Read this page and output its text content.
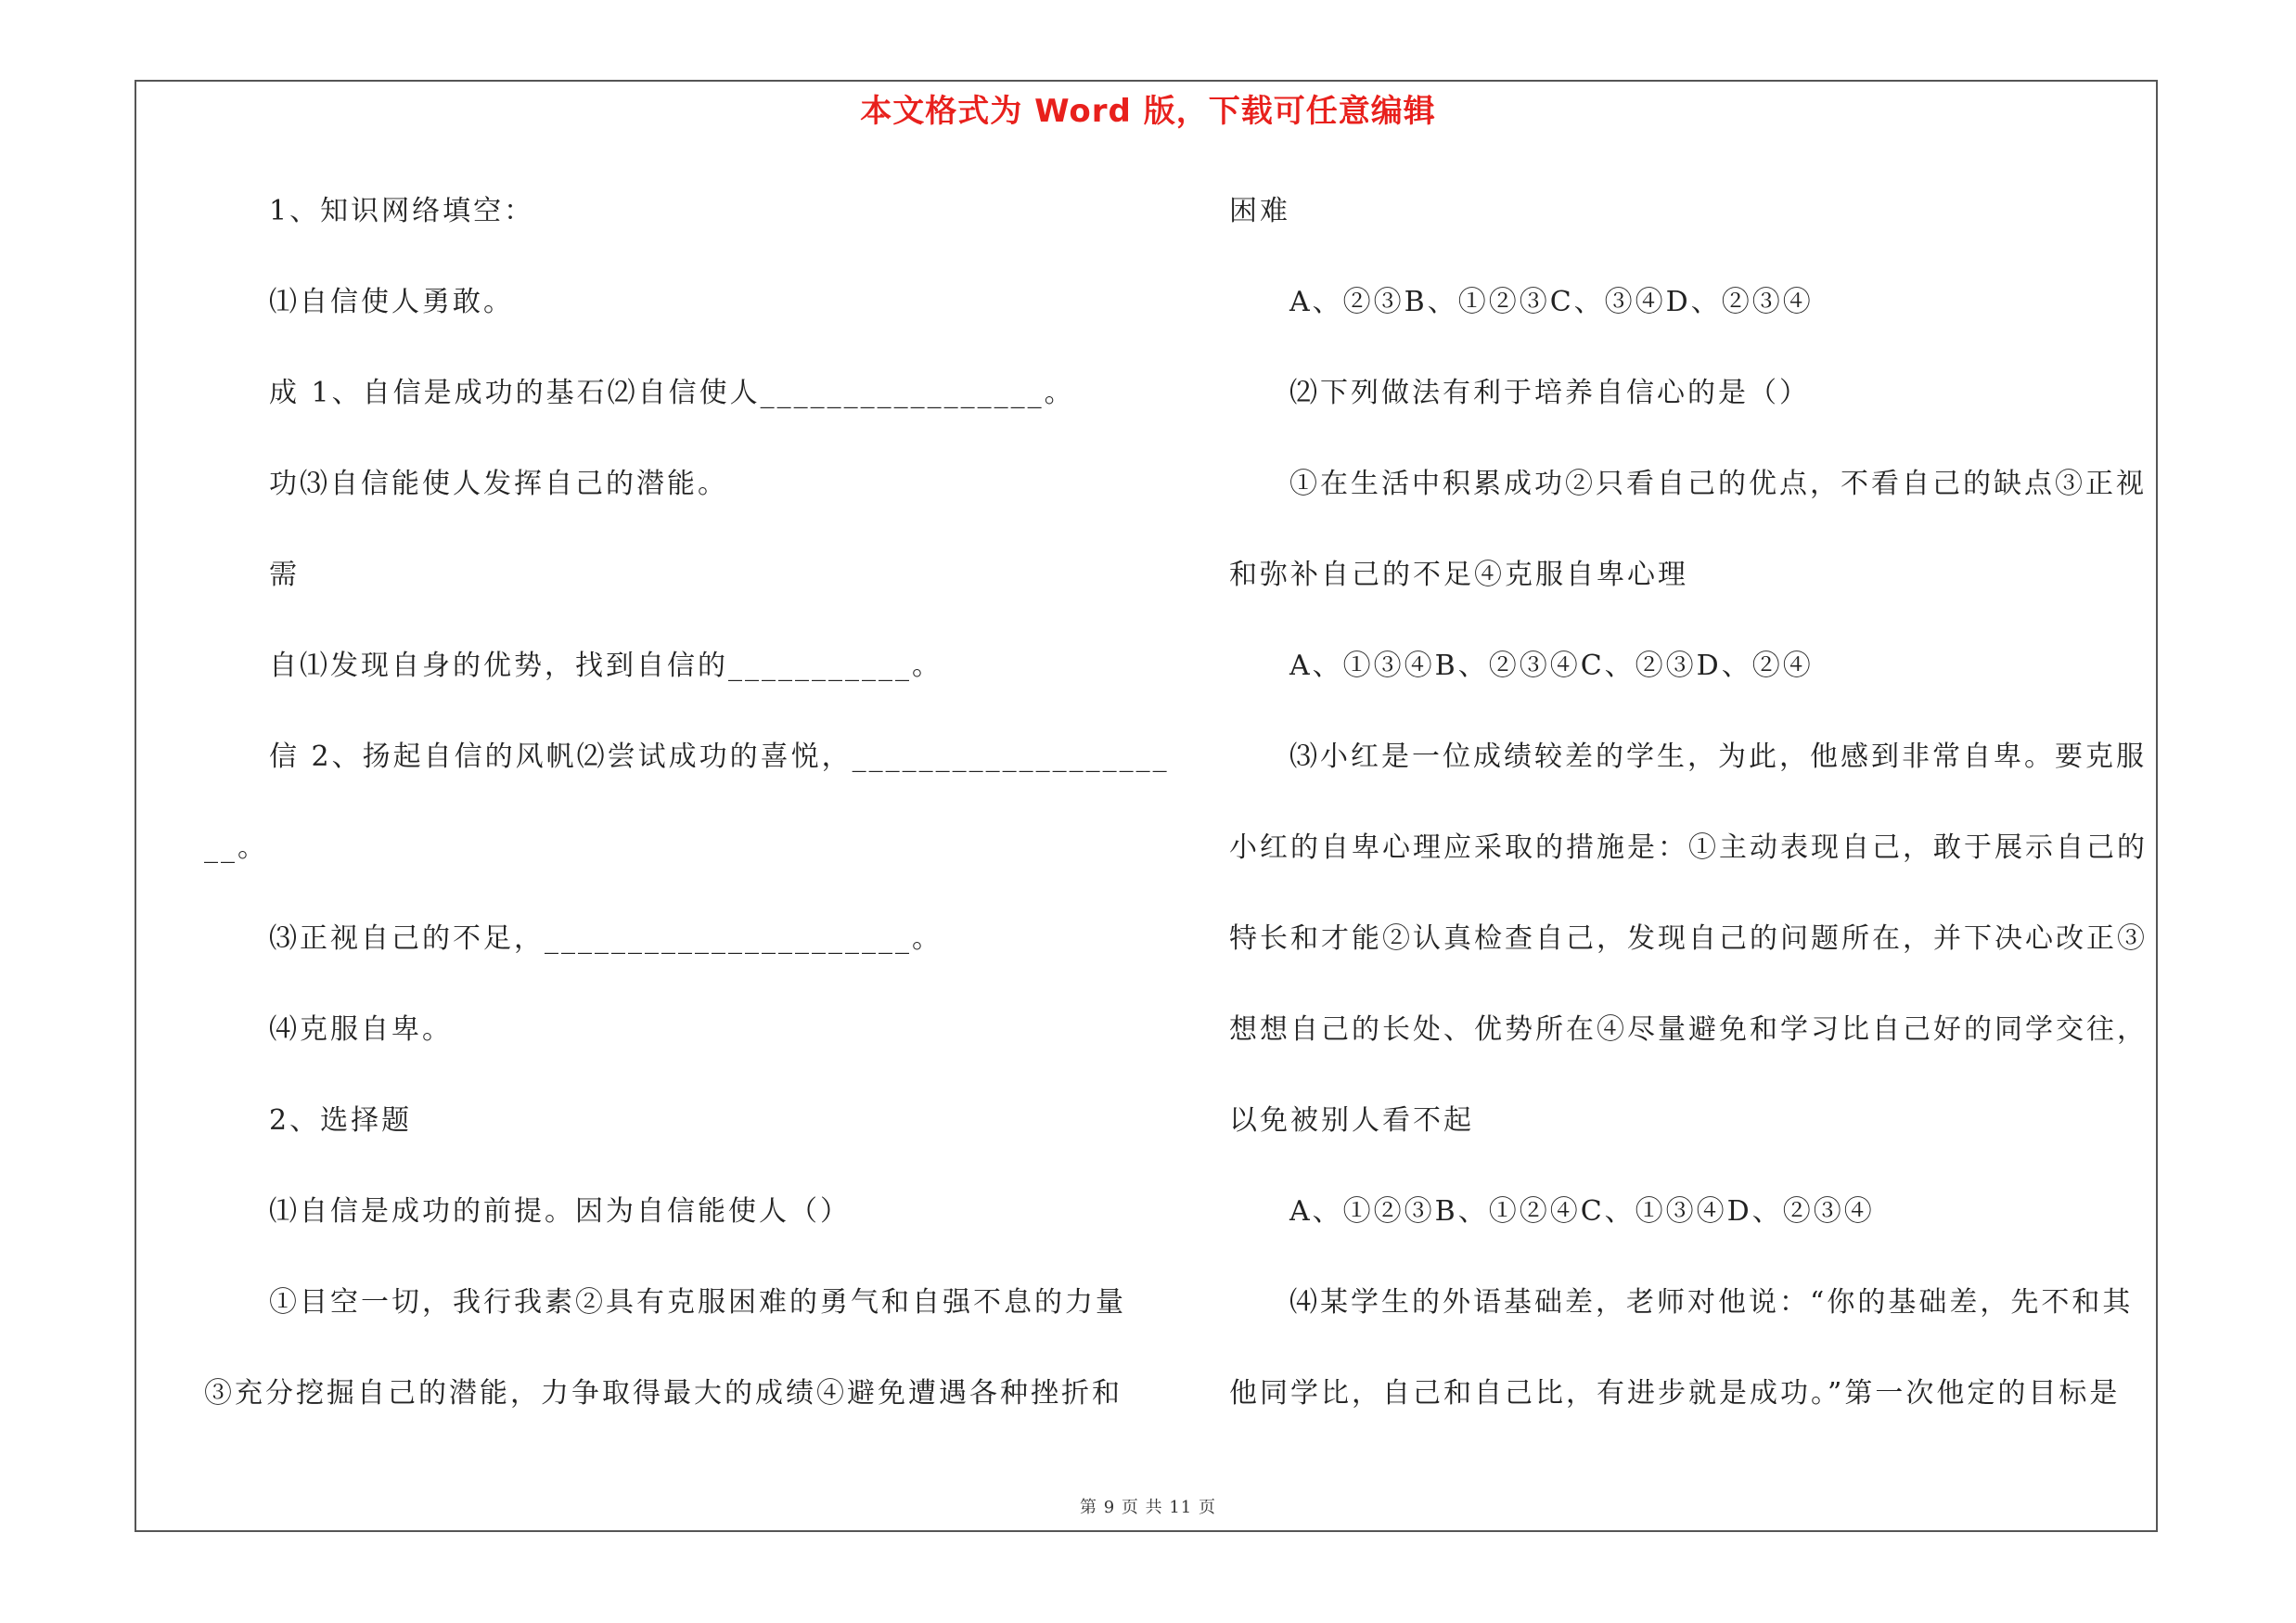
本文格式为 Word 版，下载可任意编辑
1、知识网络填空：
⑴自信使人勇敢。
成 1、自信是成功的基石⑵自信使人_________________。
功⑶自信能使人发挥自己的潜能。
需
自⑴发现自身的优势，找到自信的___________。
信 2、扬起自信的风帆⑵尝试成功的喜悦，___________________
__。
⑶正视自己的不足，______________________。
⑷克服自卑。
2、选择题
⑴自信是成功的前提。因为自信能使人（）
①目空一切，我行我素②具有克服困难的勇气和自强不息的力量
③充分挖掘自己的潜能，力争取得最大的成绩④避免遭遇各种挫折和
困难
A、②③B、①②③C、③④D、②③④
⑵下列做法有利于培养自信心的是（）
①在生活中积累成功②只看自己的优点，不看自己的缺点③正视
和弥补自己的不足④克服自卑心理
A、①③④B、②③④C、②③D、②④
⑶小红是一位成绩较差的学生，为此，他感到非常自卑。要克服
小红的自卑心理应采取的措施是：①主动表现自己，敢于展示自己的
特长和才能②认真检查自己，发现自己的问题所在，并下决心改正③
想想自己的长处、优势所在④尽量避免和学习比自己好的同学交往，
以免被别人看不起
A、①②③B、①②④C、①③④D、②③④
⑷某学生的外语基础差，老师对他说：“你的基础差，先不和其
他同学比，自己和自己比，有进步就是成功。”第一次他定的目标是
第 9 页 共 11 页
